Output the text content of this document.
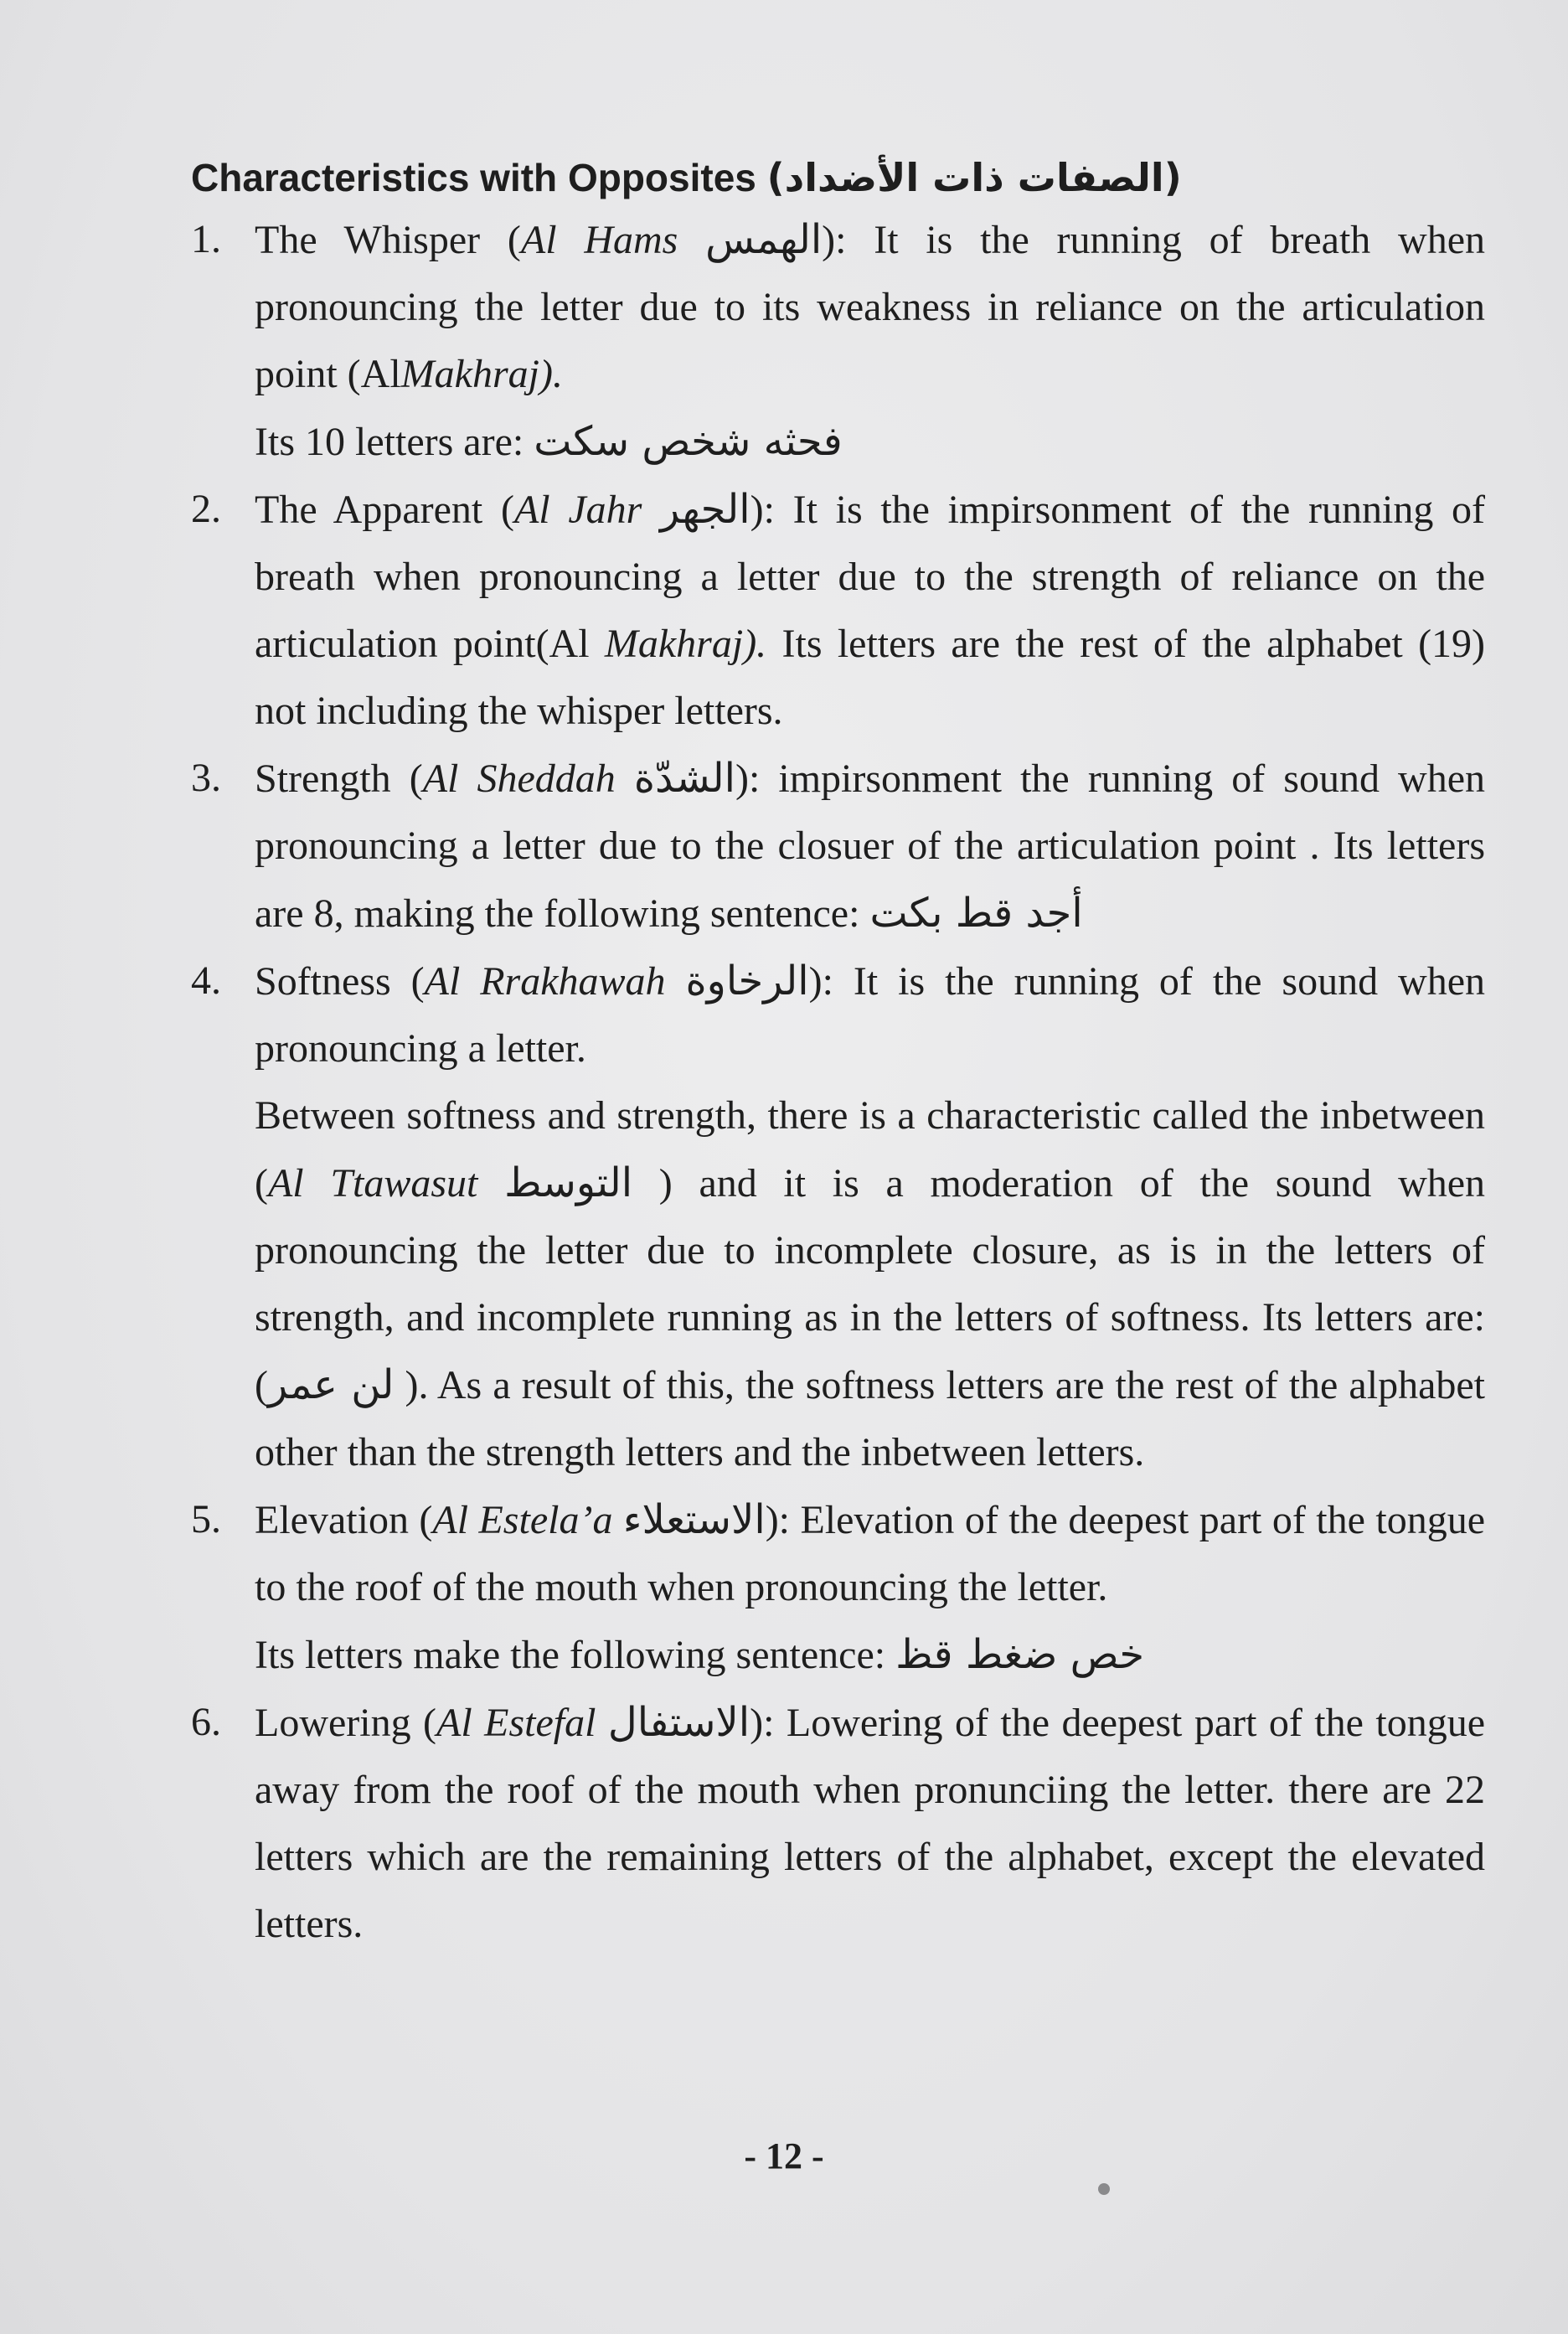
Characteristics with Opposites (الصفات ذات الأضداد)

1. The Whisper (Al Hams الهمس): It is the running of breath when pronouncing the letter due to its weakness in reliance on the articulation point (AlMakhraj).
Its 10 letters are: فحثه شخص سكت
2. The Apparent (Al Jahr الجهر): It is the impirsonment of the running of breath when pronouncing a letter due to the strength of reliance on the articulation point(Al Makhraj). Its letters are the rest of the alphabet (19) not including the whisper letters.
3. Strength (Al Sheddah الشدّة): impirsonment the running of sound when pronouncing a letter due to the closuer of the articulation point . Its letters are 8, making the following sentence: أجد قط بكت
4. Softness (Al Rrakhawah الرخاوة): It is the running of the sound when pronouncing a letter.
Between softness and strength, there is a characteristic called the inbetween (Al Ttawasut التوسط ) and it is a moderation of the sound when pronouncing the letter due to incomplete closure, as is in the letters of strength, and incomplete running as in the letters of softness. Its letters are: (لن عمر ). As a result of this, the softness letters are the rest of the alphabet other than the strength letters and the inbetween letters.
5. Elevation (Al Estela’a الاستعلاء): Elevation of the deepest part of the tongue to the roof of the mouth when pronouncing the letter.
Its letters make the following sentence: خص ضغط قظ
6. Lowering (Al Estefal الاستفال): Lowering of the deepest part of the tongue away from the roof of the mouth when pronunciing the letter. there are 22 letters which are the remaining letters of the alphabet, except the elevated letters.
- 12 -
